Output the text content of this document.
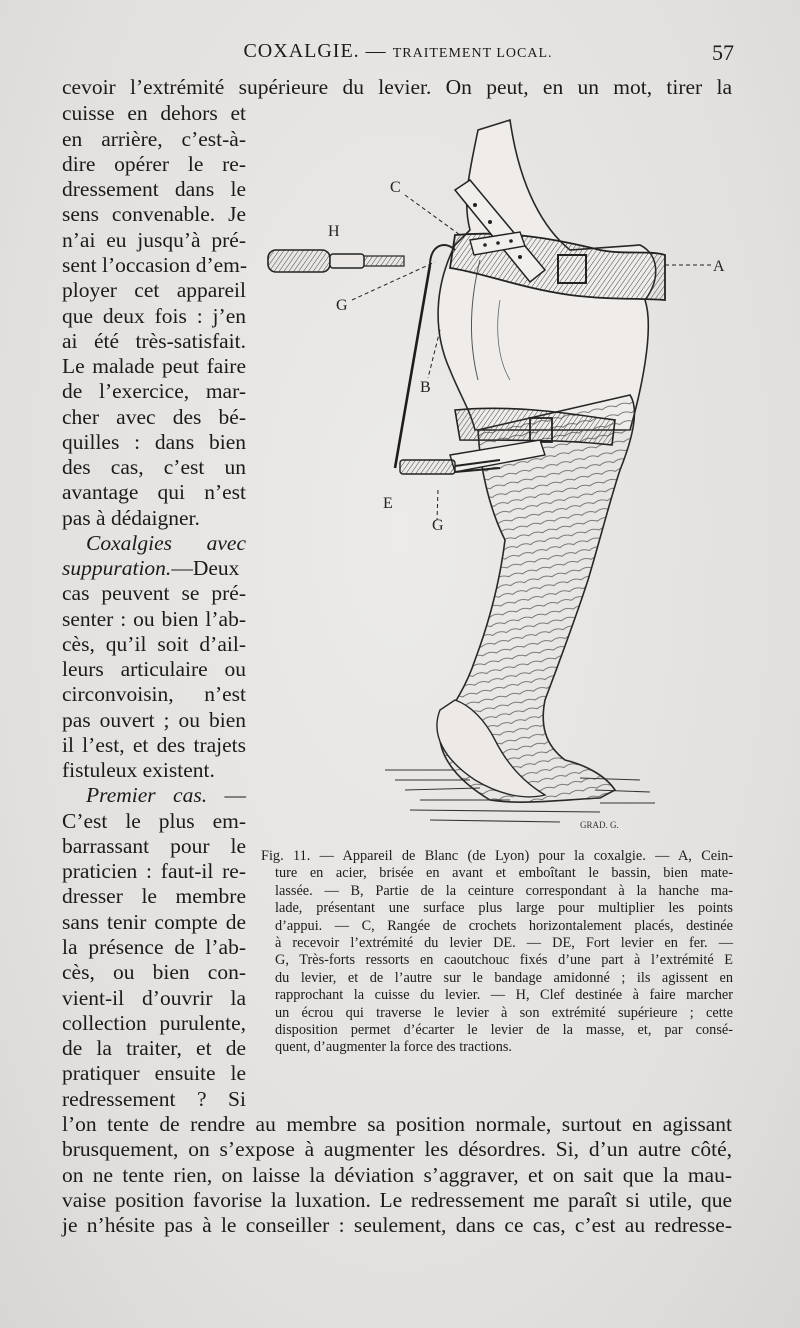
COXALGIE. — TRAITEMENT LOCAL.	57
cevoir l’extrémité supérieure du levier. On peut, en un mot, tirer la
cuisse en dehors et
en arrière, c’est-à-
dire opérer le re-
dressement dans le
sens convenable. Je
n’ai eu jusqu’à pré-
sent l’occasion d’em-
ployer cet appareil
que deux fois : j’en
ai été très-satisfait.
Le malade peut faire
de l’exercice, mar-
cher avec des bé-
quilles : dans bien
des cas, c’est un
avantage qui n’est
pas à dédaigner.
Coxalgies avec
suppuration.—Deux
cas peuvent se pré-
senter : ou bien l’ab-
cès, qu’il soit d’ail-
leurs articulaire ou
circonvoisin, n’est
pas ouvert ; ou bien
il l’est, et des trajets
fistuleux existent.
Premier cas. —
C’est le plus em-
barrassant pour le
praticien : faut-il re-
dresser le membre
sans tenir compte de
la présence de l’ab-
cès, ou bien con-
vient-il d’ouvrir la
collection purulente,
de la traiter, et de
pratiquer ensuite le
redressement ? Si
l’on tente de rendre au membre sa position normale, surtout en agissant
brusquement, on s’expose à augmenter les désordres. Si, d’un autre côté,
on ne tente rien, on laisse la déviation s’aggraver, et on sait que la mau-
vaise position favorise la luxation. Le redressement me paraît si utile, que
je n’hésite pas à le conseiller : seulement, dans ce cas, c’est au redresse-
H
C
A
G
B
E
G
GRAD. G.
Fig. 11. — Appareil de Blanc (de Lyon) pour la coxalgie. — A, Cein-
ture en acier, brisée en avant et emboîtant le bassin, bien mate-
lassée. — B, Partie de la ceinture correspondant à la hanche ma-
lade, présentant une surface plus large pour multiplier les points
d’appui. — C, Rangée de crochets horizontalement placés, destinée
à recevoir l’extrémité du levier DE. — DE, Fort levier en fer. —
G, Très-forts ressorts en caoutchouc fixés d’une part à l’extrémité E
du levier, et de l’autre sur le bandage amidonné ; ils agissent en
rapprochant la cuisse du levier. — H, Clef destinée à faire marcher
un écrou qui traverse le levier à son extrémité supérieure ; cette
disposition permet d’écarter le levier de la masse, et, par consé-
quent, d’augmenter la force des tractions.
